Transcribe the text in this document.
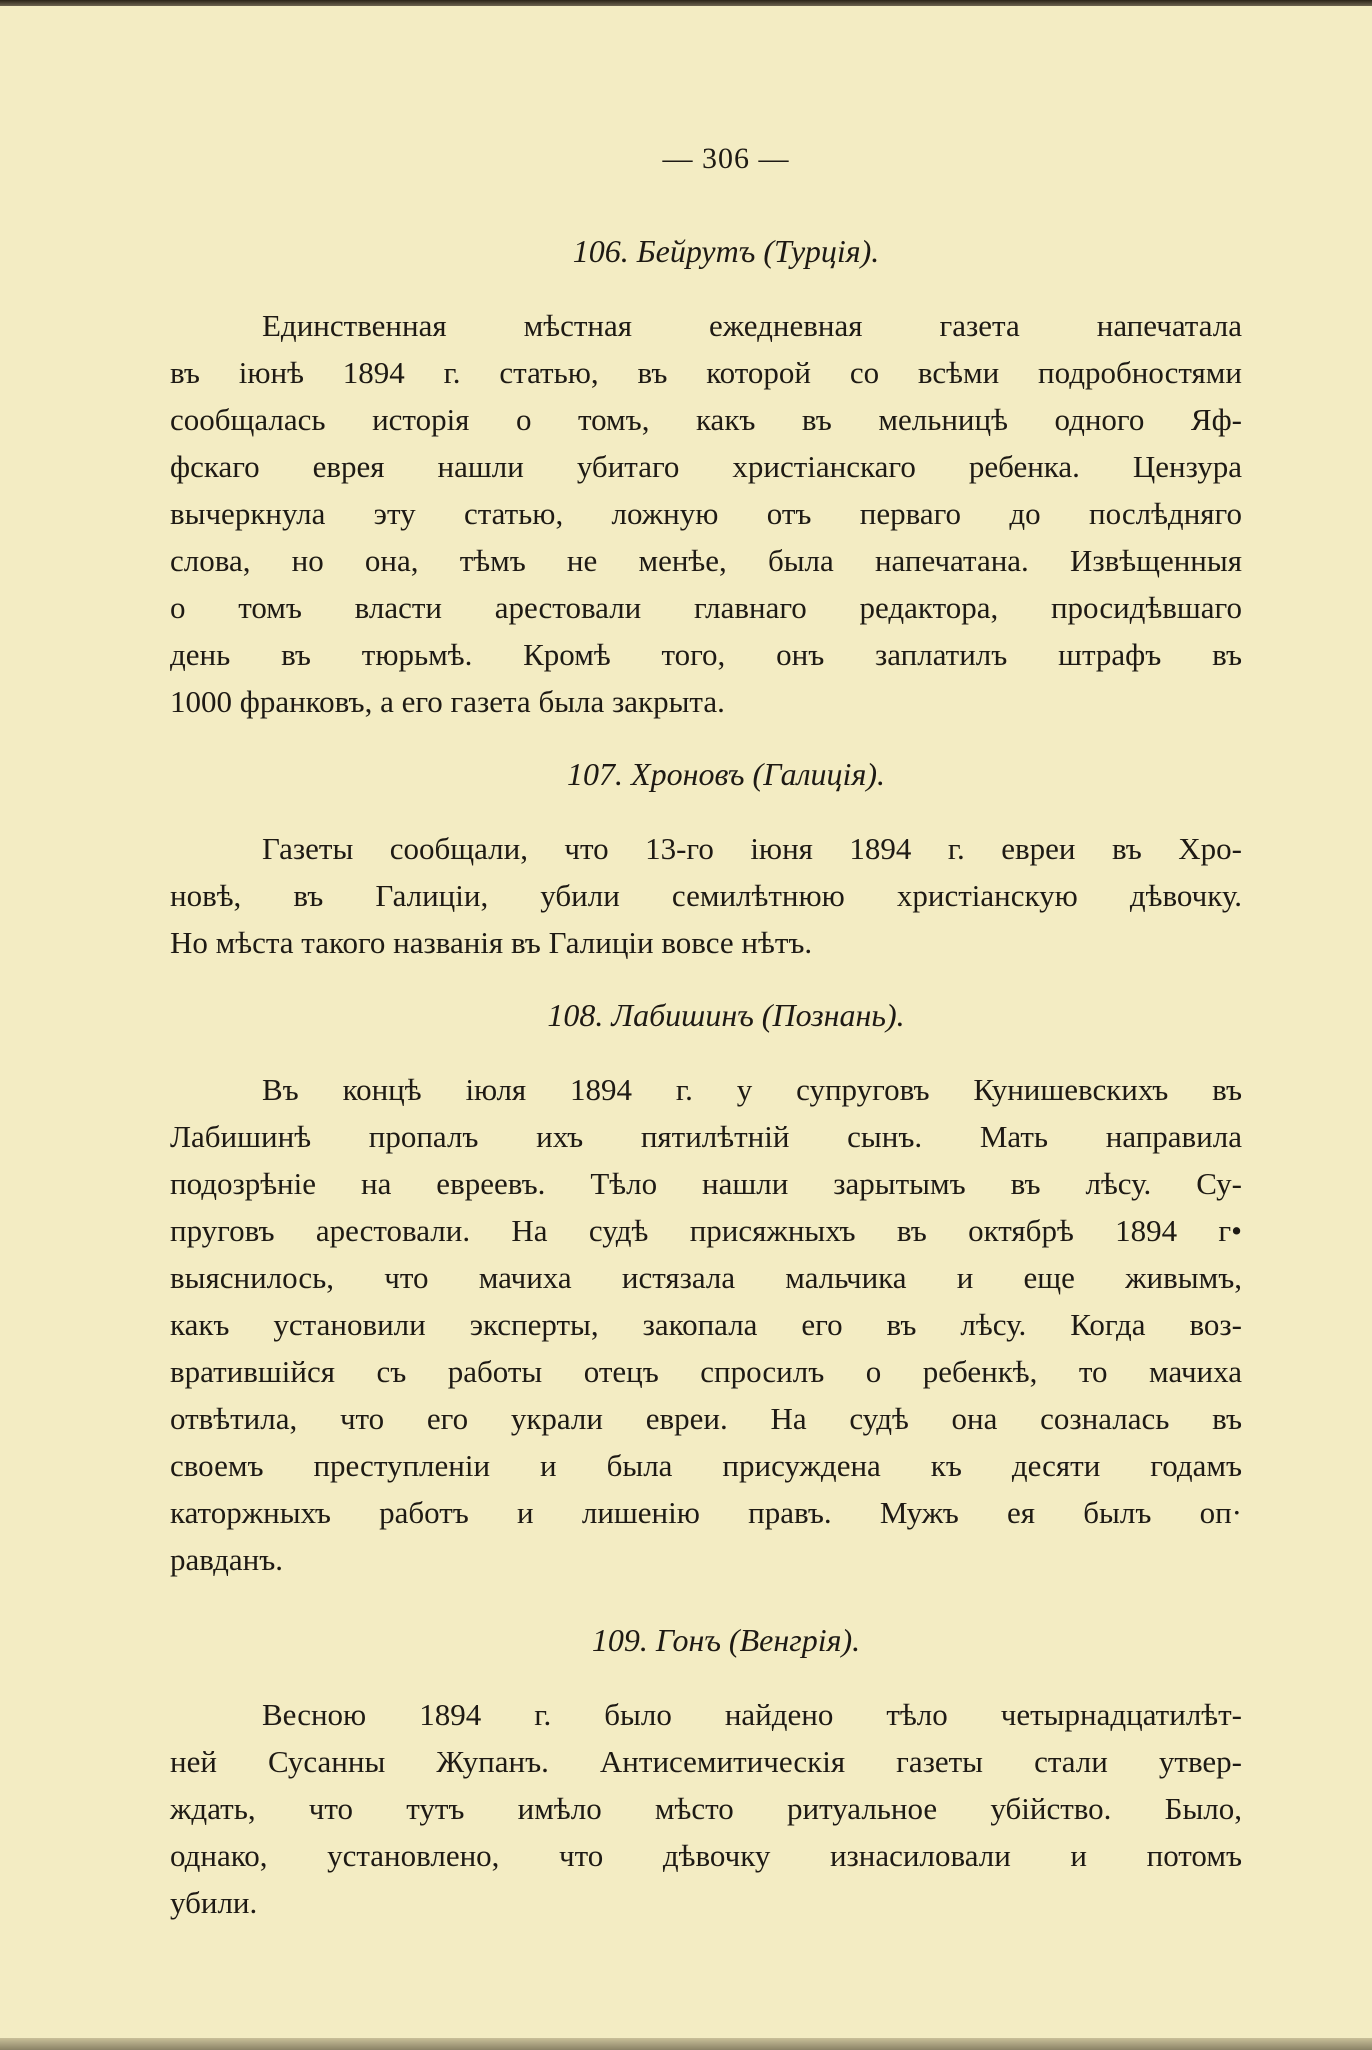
— 306 —
106. Бейрутъ (Турція).

Единственная мѣстная ежедневная газета напечатала
въ іюнѣ 1894 г. статью, въ которой со всѣми подробностями
сообщалась исторія о томъ, какъ въ мельницѣ одного Яф-
фскаго еврея нашли убитаго христіанскаго ребенка. Цензура
вычеркнула эту статью, ложную отъ перваго до послѣдняго
слова, но она, тѣмъ не менѣе, была напечатана. Извѣщенныя
о томъ власти арестовали главнаго редактора, просидѣвшаго
день въ тюрьмѣ. Кромѣ того, онъ заплатилъ штрафъ въ
1000 франковъ, а его газета была закрыта.

107. Хроновъ (Галиція).

Газеты сообщали, что 13-го іюня 1894 г. евреи въ Хро-
новѣ, въ Галиціи, убили семилѣтнюю христіанскую дѣвочку.
Но мѣста такого названія въ Галиціи вовсе нѣтъ.

108. Лабишинъ (Познань).

Въ концѣ іюля 1894 г. у супруговъ Кунишевскихъ въ
Лабишинѣ пропалъ ихъ пятилѣтній сынъ. Мать направила
подозрѣніе на евреевъ. Тѣло нашли зарытымъ въ лѣсу. Су-
пруговъ арестовали. На судѣ присяжныхъ въ октябрѣ 1894 г•
выяснилось, что мачиха истязала мальчика и еще живымъ,
какъ установили эксперты, закопала его въ лѣсу. Когда воз-
вратившійся съ работы отецъ спросилъ о ребенкѣ, то мачиха
отвѣтила, что его украли евреи. На судѣ она созналась въ
своемъ преступленіи и была присуждена къ десяти годамъ
каторжныхъ работъ и лишенію правъ. Мужъ ея былъ оп·
равданъ.

109. Гонъ (Венгрія).

Весною 1894 г. было найдено тѣло четырнадцатилѣт-
ней Сусанны Жупанъ. Антисемитическія газеты стали утвер-
ждать, что тутъ имѣло мѣсто ритуальное убійство. Было,
однако, установлено, что дѣвочку изнасиловали и потомъ
убили.
